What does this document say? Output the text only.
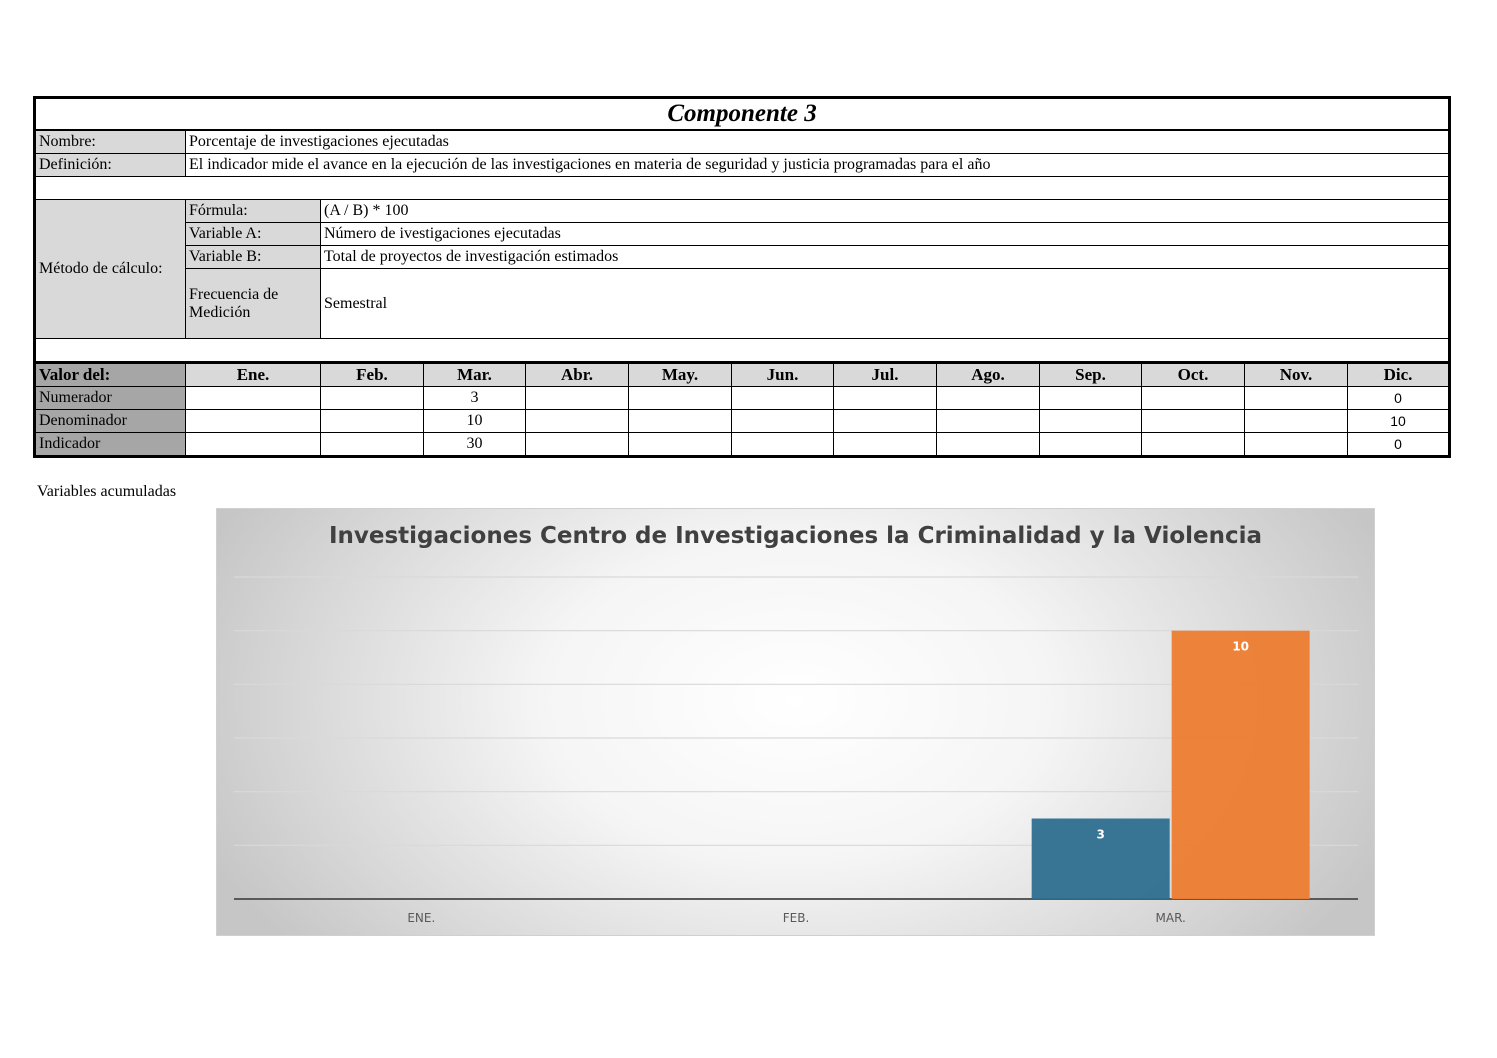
Componente 3												
Nombre:	Porcentaje de investigaciones ejecutadas											
Definición:	El indicador mide el avance en la ejecución de las investigaciones en materia de seguridad y justicia programadas para el año											

Método de cálculo:	Fórmula:	(A / B) * 100										
	Variable A:	Número de ivestigaciones ejecutadas										
	Variable B:	Total de proyectos de investigación estimados										
	Frecuencia de Medición	Semestral										

Valor del:	Ene.	Feb.	Mar.	Abr.	May.	Jun.	Jul.	Ago.	Sep.	Oct.	Nov.	Dic.
Numerador			3									0
Denominador			10									10
Indicador			30									0
Variables acumuladas
Investigaciones Centro de Investigaciones la Criminalidad y la Violencia
ENE.	FEB.	MAR.
3
10
